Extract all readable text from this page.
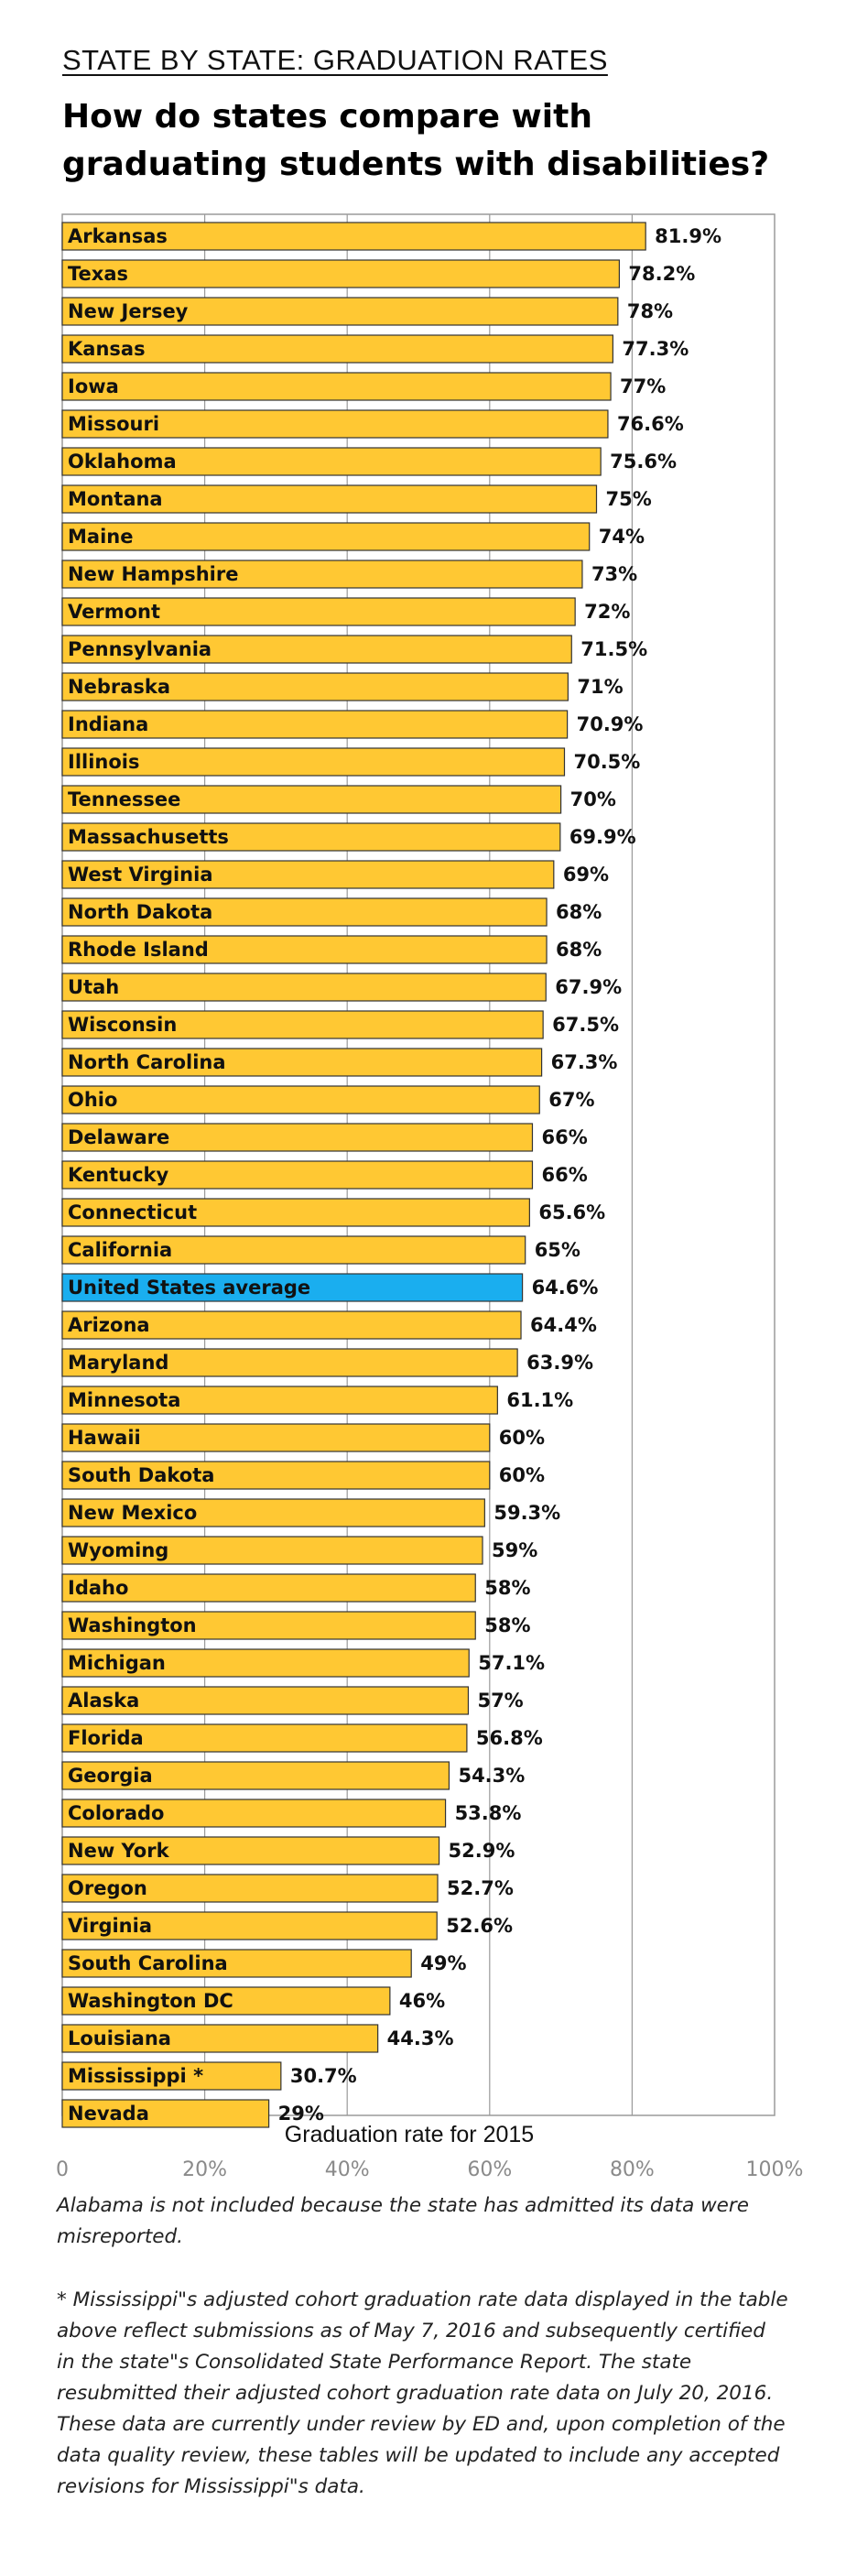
STATE BY STATE: GRADUATION RATES
How do states compare with graduating students with disabilities?
Arkansas	81.9%
Texas	78.2%
New Jersey	78%
Kansas	77.3%
Iowa	77%
Missouri	76.6%
Oklahoma	75.6%
Montana	75%
Maine	74%
New Hampshire	73%
Vermont	72%
Pennsylvania	71.5%
Nebraska	71%
Indiana	70.9%
Illinois	70.5%
Tennessee	70%
Massachusetts	69.9%
West Virginia	69%
North Dakota	68%
Rhode Island	68%
Utah	67.9%
Wisconsin	67.5%
North Carolina	67.3%
Ohio	67%
Delaware	66%
Kentucky	66%
Connecticut	65.6%
California	65%
United States average	64.6%
Arizona	64.4%
Maryland	63.9%
Minnesota	61.1%
Hawaii	60%
South Dakota	60%
New Mexico	59.3%
Wyoming	59%
Idaho	58%
Washington	58%
Michigan	57.1%
Alaska	57%
Florida	56.8%
Georgia	54.3%
Colorado	53.8%
New York	52.9%
Oregon	52.7%
Virginia	52.6%
South Carolina	49%
Washington DC	46%
Louisiana	44.3%
Mississippi *	30.7%
Nevada	29%
Graduation rate for 2015
0	20%	40%	60%	80%	100%
Alabama is not included because the state has admitted its data were misreported.
* Mississippi"s adjusted cohort graduation rate data displayed in the table above reflect submissions as of May 7, 2016 and subsequently certified in the state"s Consolidated State Performance Report. The state resubmitted their adjusted cohort graduation rate data on July 20, 2016. These data are currently under review by ED and, upon completion of the data quality review, these tables will be updated to include any accepted revisions for Mississippi"s data.
